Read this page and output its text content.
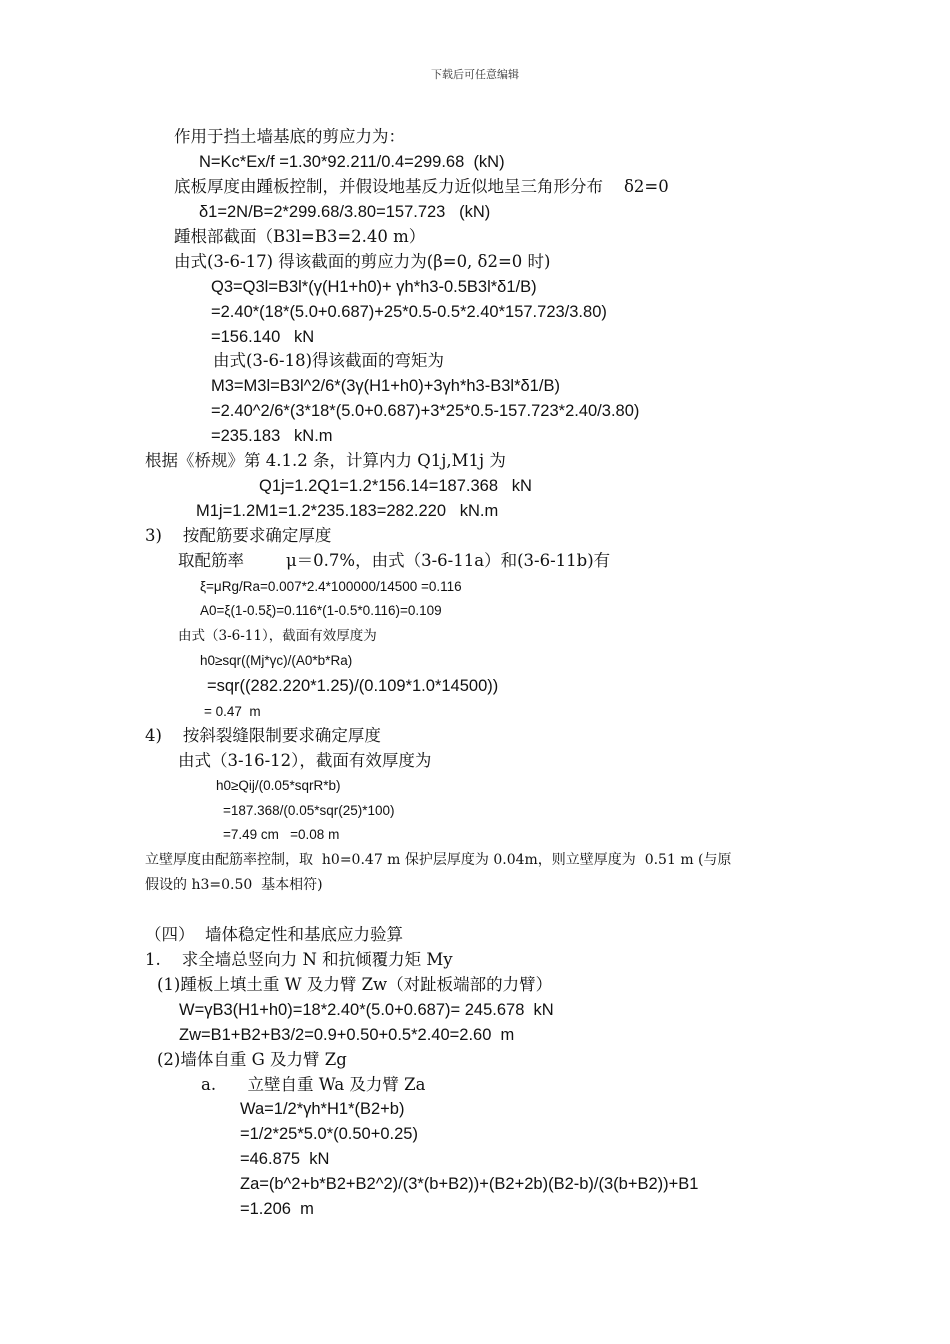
下载后可任意编辑
作用于挡土墙基底的剪应力为：
N=Kc*Ex/f =1.30*92.211/0.4=299.68  (kN)
底板厚度由踵板控制，并假设地基反力近似地呈三角形分布    δ2=0
δ1=2N/B=2*299.68/3.80=157.723   (kN)
踵根部截面（B3l=B3=2.40 m）
由式(3-6-17) 得该截面的剪应力为(β=0, δ2=0 时)
Q3=Q3l=B3l*(γ(H1+h0)+ γh*h3-0.5B3l*δ1/B)
=2.40*(18*(5.0+0.687)+25*0.5-0.5*2.40*157.723/3.80)
=156.140   kN
由式(3-6-18)得该截面的弯矩为
M3=M3l=B3l^2/6*(3γ(H1+h0)+3γh*h3-B3l*δ1/B)
=2.40^2/6*(3*18*(5.0+0.687)+3*25*0.5-157.723*2.40/3.80)
=235.183   kN.m
根据《桥规》第 4.1.2 条，计算内力 Q1j,M1j 为
Q1j=1.2Q1=1.2*156.14=187.368   kN
M1j=1.2M1=1.2*235.183=282.220   kN.m
3)    按配筋要求确定厚度
取配筋率        μ＝0.7%，由式（3-6-11a）和(3-6-11b)有
ξ=μRg/Ra=0.007*2.4*100000/14500 =0.116
A0=ξ(1-0.5ξ)=0.116*(1-0.5*0.116)=0.109
由式（3-6-11），截面有效厚度为
h0≥sqr((Mj*γc)/(A0*b*Ra)
=sqr((282.220*1.25)/(0.109*1.0*14500))
= 0.47  m
4)    按斜裂缝限制要求确定厚度
由式（3-16-12），截面有效厚度为
h0≥Qij/(0.05*sqrR*b)
=187.368/(0.05*sqr(25)*100)
=7.49 cm   =0.08 m
立壁厚度由配筋率控制，取  h0=0.47 m 保护层厚度为 0.04m，则立壁厚度为  0.51 m (与原
假设的 h3=0.50  基本相符)
（四）  墙体稳定性和基底应力验算
1.    求全墙总竖向力 N 和抗倾覆力矩 My
(1)踵板上填土重 W 及力臂 Zw（对趾板端部的力臂）
W=γB3(H1+h0)=18*2.40*(5.0+0.687)= 245.678  kN
Zw=B1+B2+B3/2=0.9+0.50+0.5*2.40=2.60  m
(2)墙体自重 G 及力臂 Zg
a.      立壁自重 Wa 及力臂 Za
Wa=1/2*γh*H1*(B2+b)
=1/2*25*5.0*(0.50+0.25)
=46.875  kN
Za=(b^2+b*B2+B2^2)/(3*(b+B2))+(B2+2b)(B2-b)/(3(b+B2))+B1
=1.206  m
